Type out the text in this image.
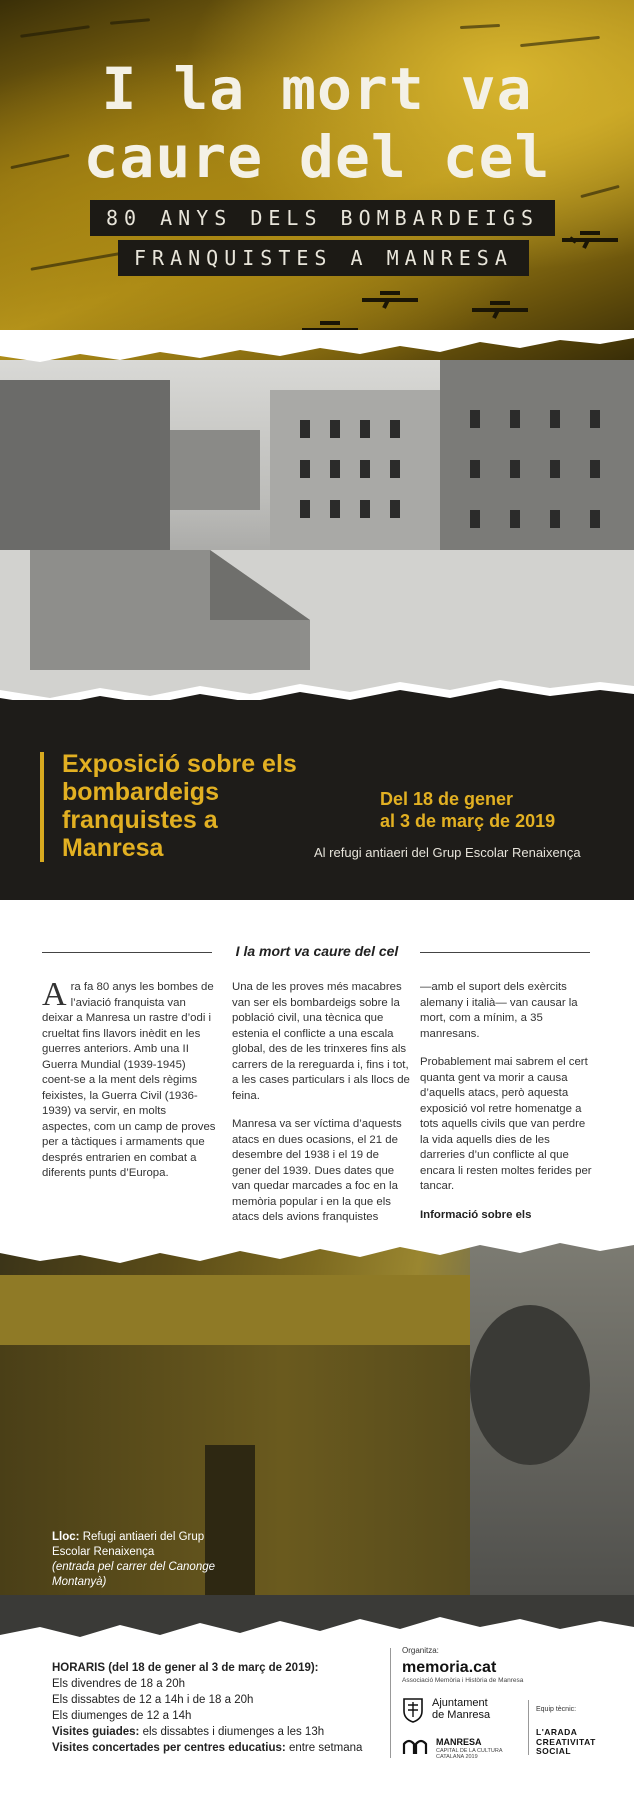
I la mort va
caure del cel
80 ANYS DELS BOMBARDEIGS
FRANQUISTES A MANRESA
Exposició sobre els bombardeigs franquistes a Manresa
Del 18 de gener
al 3 de març de 2019
Al refugi antiaeri del Grup Escolar Renaixença
I la mort va caure del cel

Ara fa 80 anys les bombes de l’aviació franquista van deixar a Manresa un rastre d’odi i crueltat fins llavors inèdit en les guerres anteriors. Amb una II Guerra Mundial (1939-1945) coent-se a la ment dels règims feixistes, la Guerra Civil (1936-1939) va servir, en molts aspectes, com un camp de proves per a tàctiques i armaments que després entrarien en combat a diferents punts d’Europa.

Una de les proves més macabres van ser els bombardeigs sobre la població civil, una tècnica que estenia el conflicte a una escala global, des de les trinxeres fins als carrers de la rereguarda i, fins i tot, a les cases particulars i als llocs de feina.

Manresa va ser víctima d’aquests atacs en dues ocasions, el 21 de desembre del 1938 i el 19 de gener del 1939. Dues dates que van quedar marcades a foc en la memòria popular i en la que els atacs dels avions franquistes

—amb el suport dels exèrcits alemany i italià— van causar la mort, com a mínim, a 35 manresans.

Probablement mai sabrem el cert quanta gent va morir a causa d’aquells atacs, però aquesta exposició vol retre homenatge a tots aquells civils que van perdre la vida aquells dies de les darreries d’un conflicte al que encara li resten moltes ferides per tancar.

Informació sobre els

Lloc: Refugi antiaeri del Grup Escolar Renaixença
(entrada pel carrer del Canonge Montanyà)
HORARIS (del 18 de gener al 3 de març de 2019):
Els divendres de 18 a 20h
Els dissabtes de 12 a 14h i de 18 a 20h
Els diumenges de 12 a 14h
Visites guiades: els dissabtes i diumenges a les 13h
Visites concertades per centres educatius: entre setmana
Organitza:
memoria.cat
Associació Memòria i Història de Manresa
Ajuntament
de Manresa
MANRESA
CAPITAL DE LA CULTURA CATALANA 2019
Equip tècnic:
L'ARADA
CREATIVITAT
SOCIAL
